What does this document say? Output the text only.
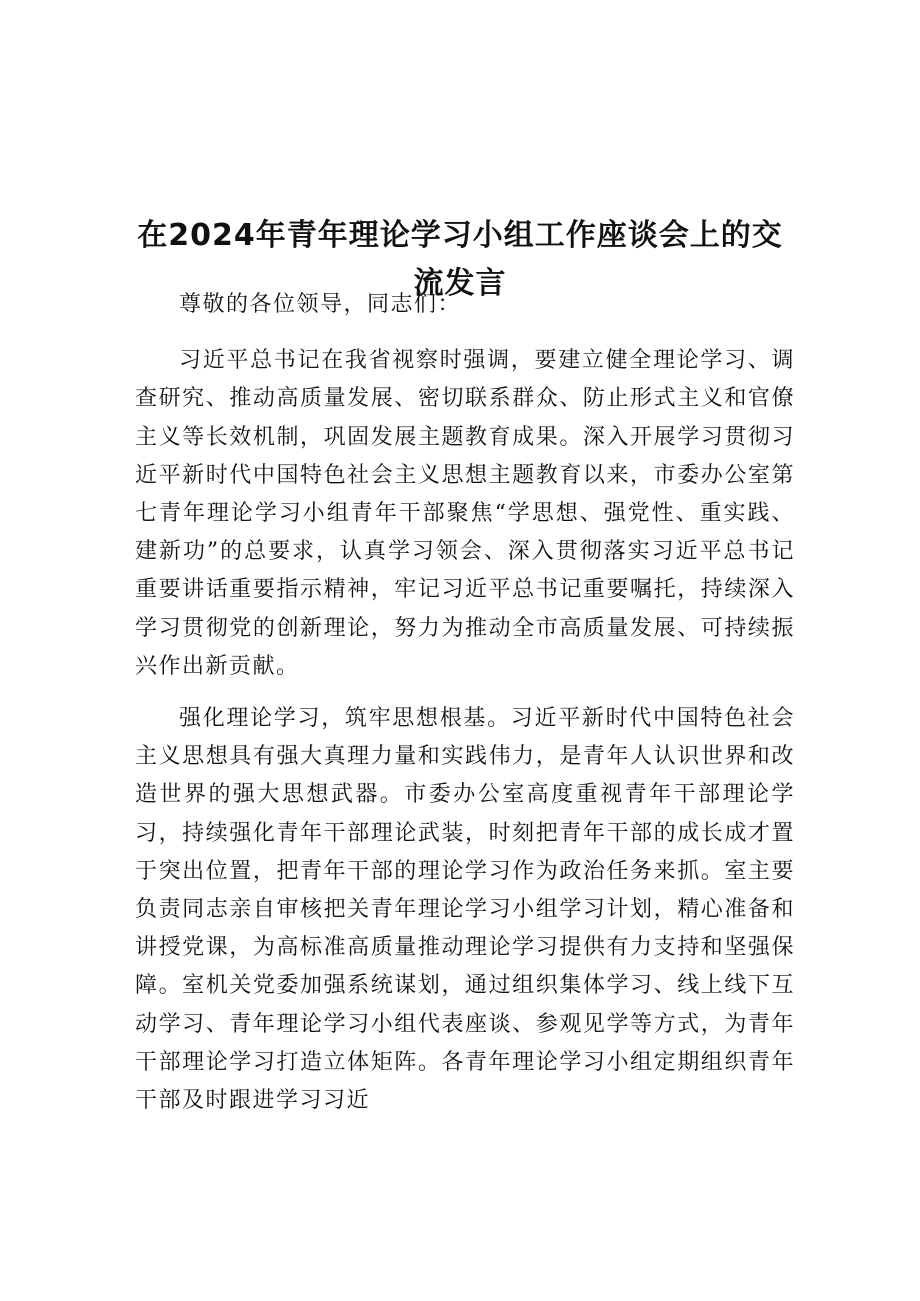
在2024年青年理论学习小组工作座谈会上的交流发言

尊敬的各位领导，同志们：

习近平总书记在我省视察时强调，要建立健全理论学习、调查研究、推动高质量发展、密切联系群众、防止形式主义和官僚主义等长效机制，巩固发展主题教育成果。深入开展学习贯彻习近平新时代中国特色社会主义思想主题教育以来，市委办公室第七青年理论学习小组青年干部聚焦“学思想、强党性、重实践、建新功”的总要求，认真学习领会、深入贯彻落实习近平总书记重要讲话重要指示精神，牢记习近平总书记重要嘱托，持续深入学习贯彻党的创新理论，努力为推动全市高质量发展、可持续振兴作出新贡献。

强化理论学习，筑牢思想根基。习近平新时代中国特色社会主义思想具有强大真理力量和实践伟力，是青年人认识世界和改造世界的强大思想武器。市委办公室高度重视青年干部理论学习，持续强化青年干部理论武装，时刻把青年干部的成长成才置于突出位置，把青年干部的理论学习作为政治任务来抓。室主要负责同志亲自审核把关青年理论学习小组学习计划，精心准备和讲授党课，为高标准高质量推动理论学习提供有力支持和坚强保障。室机关党委加强系统谋划，通过组织集体学习、线上线下互动学习、青年理论学习小组代表座谈、参观见学等方式，为青年干部理论学习打造立体矩阵。各青年理论学习小组定期组织青年干部及时跟进学习习近
